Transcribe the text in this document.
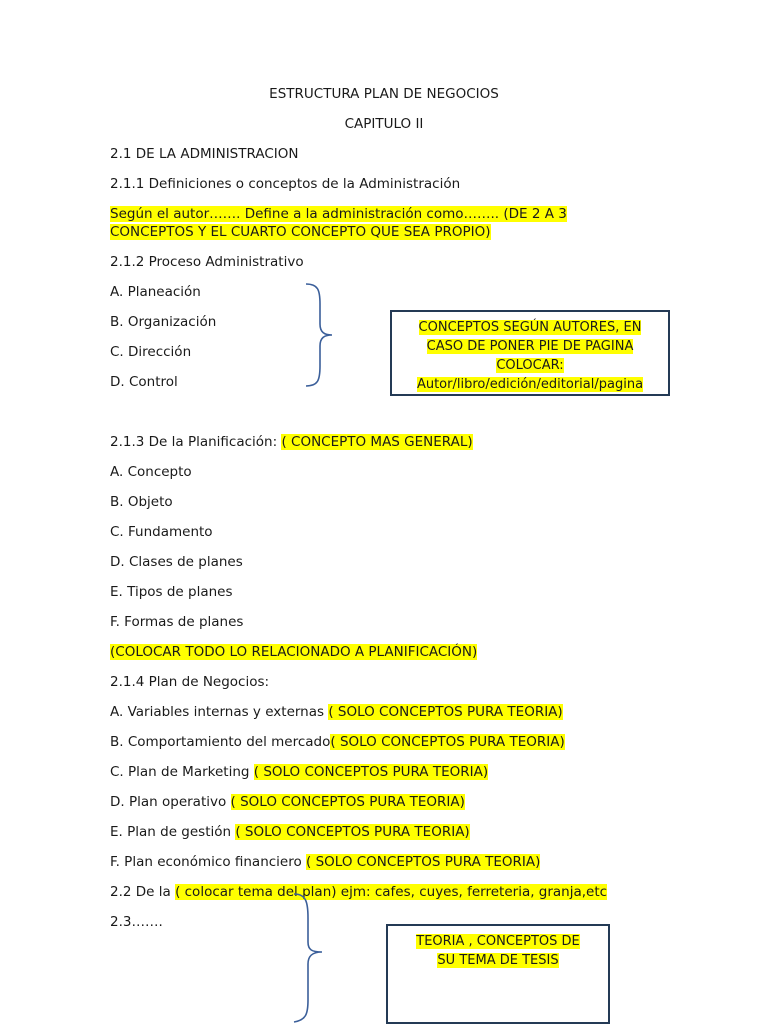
ESTRUCTURA PLAN DE NEGOCIOS
CAPITULO II
2.1 DE LA ADMINISTRACION
2.1.1 Definiciones o conceptos de la Administración
Según el autor……. Define a la administración como…….. (DE 2 A 3
CONCEPTOS Y EL CUARTO CONCEPTO QUE SEA PROPIO)
2.1.2 Proceso Administrativo
A. Planeación
B. Organización
C. Dirección
D. Control
CONCEPTOS SEGÚN AUTORES, EN
CASO DE PONER PIE DE PAGINA
COLOCAR:
Autor/libro/edición/editorial/pagina
2.1.3 De la Planificación: ( CONCEPTO MAS GENERAL)
A. Concepto
B. Objeto
C. Fundamento
D. Clases de planes
E. Tipos de planes
F. Formas de planes
(COLOCAR TODO LO RELACIONADO A PLANIFICACIÓN)
2.1.4 Plan de Negocios:
A. Variables internas y externas ( SOLO CONCEPTOS PURA TEORIA)
B. Comportamiento del mercado( SOLO CONCEPTOS PURA TEORIA)
C. Plan de Marketing ( SOLO CONCEPTOS PURA TEORIA)
D. Plan operativo ( SOLO CONCEPTOS PURA TEORIA)
E. Plan de gestión ( SOLO CONCEPTOS PURA TEORIA)
F. Plan económico financiero ( SOLO CONCEPTOS PURA TEORIA)
2.2 De la ( colocar tema del plan) ejm: cafes, cuyes, ferreteria, granja,etc
2.3…….
TEORIA , CONCEPTOS DE
SU TEMA DE TESIS
